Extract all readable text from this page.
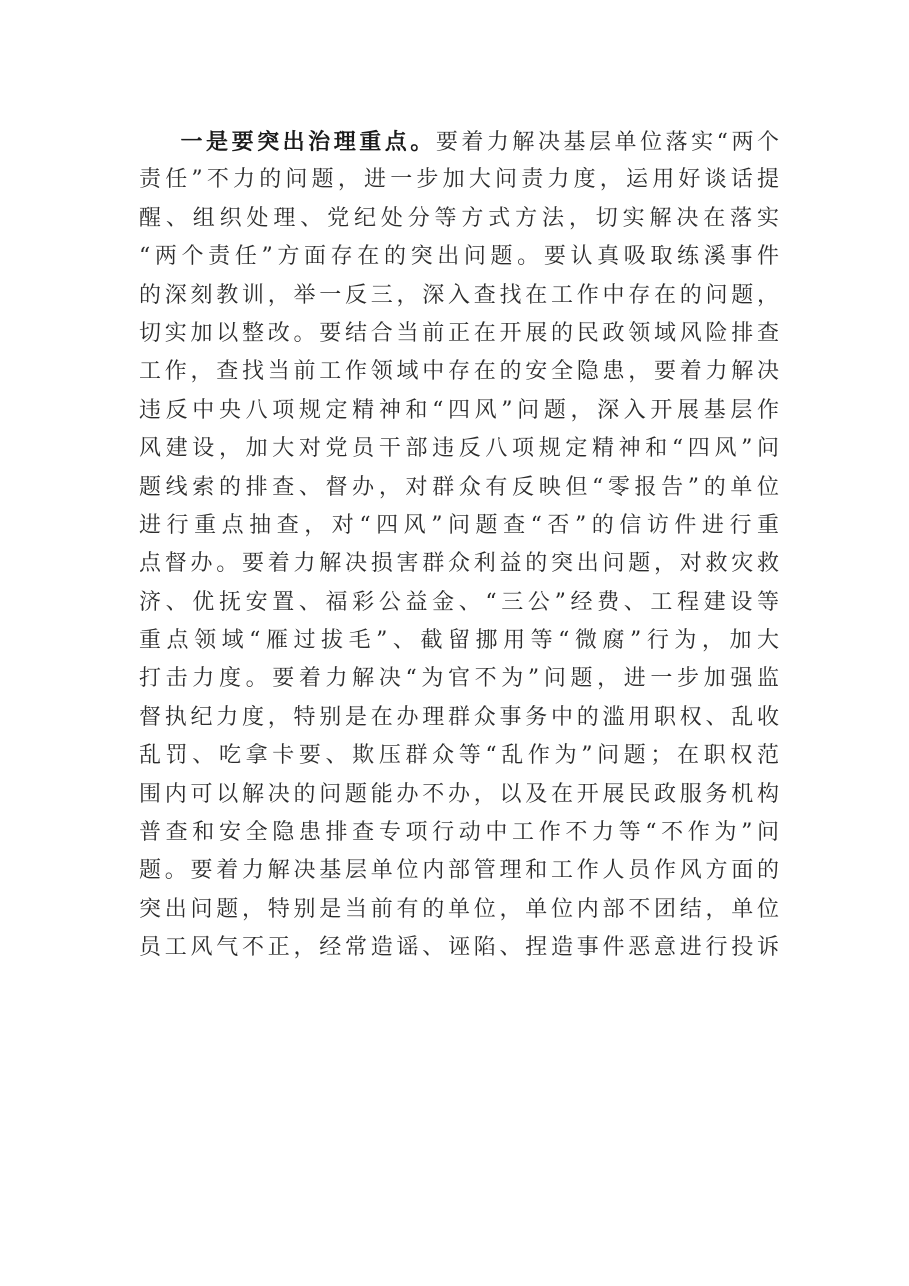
一是要突出治理重点。要着力解决基层单位落实“两个
责任”不力的问题，进一步加大问责力度，运用好谈话提
醒、组织处理、党纪处分等方式方法，切实解决在落实
“两个责任”方面存在的突出问题。要认真吸取练溪事件
的深刻教训，举一反三，深入查找在工作中存在的问题，
切实加以整改。要结合当前正在开展的民政领域风险排查
工作，查找当前工作领域中存在的安全隐患，要着力解决
违反中央八项规定精神和“四风”问题，深入开展基层作
风建设，加大对党员干部违反八项规定精神和“四风”问
题线索的排查、督办，对群众有反映但“零报告”的单位
进行重点抽查，对“四风”问题查“否”的信访件进行重
点督办。要着力解决损害群众利益的突出问题，对救灾救
济、优抚安置、福彩公益金、“三公”经费、工程建设等
重点领域“雁过拔毛”、截留挪用等“微腐”行为，加大
打击力度。要着力解决“为官不为”问题，进一步加强监
督执纪力度，特别是在办理群众事务中的滥用职权、乱收
乱罚、吃拿卡要、欺压群众等“乱作为”问题；在职权范
围内可以解决的问题能办不办，以及在开展民政服务机构
普查和安全隐患排查专项行动中工作不力等“不作为”问
题。要着力解决基层单位内部管理和工作人员作风方面的
突出问题，特别是当前有的单位，单位内部不团结，单位
员工风气不正，经常造谣、诬陷、捏造事件恶意进行投诉
